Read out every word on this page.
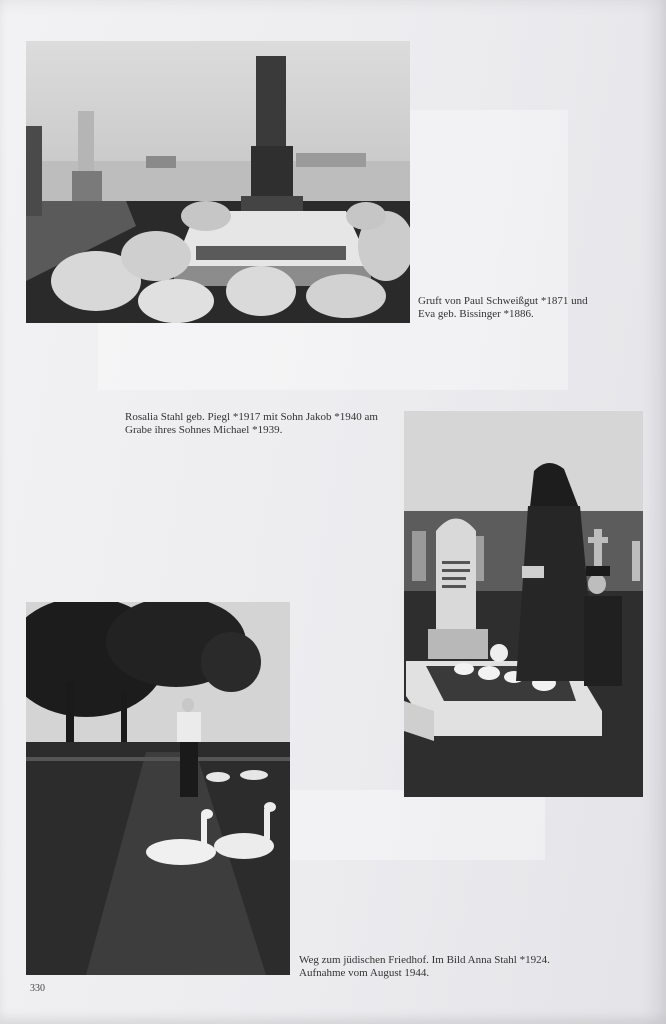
Gruft von Paul Schweißgut *1871 und
Eva geb. Bissinger *1886.
Rosalia Stahl geb. Piegl *1917 mit Sohn Jakob *1940 am
Grabe ihres Sohnes Michael *1939.
Weg zum jüdischen Friedhof. Im Bild Anna Stahl *1924.
Aufnahme vom August 1944.
330
